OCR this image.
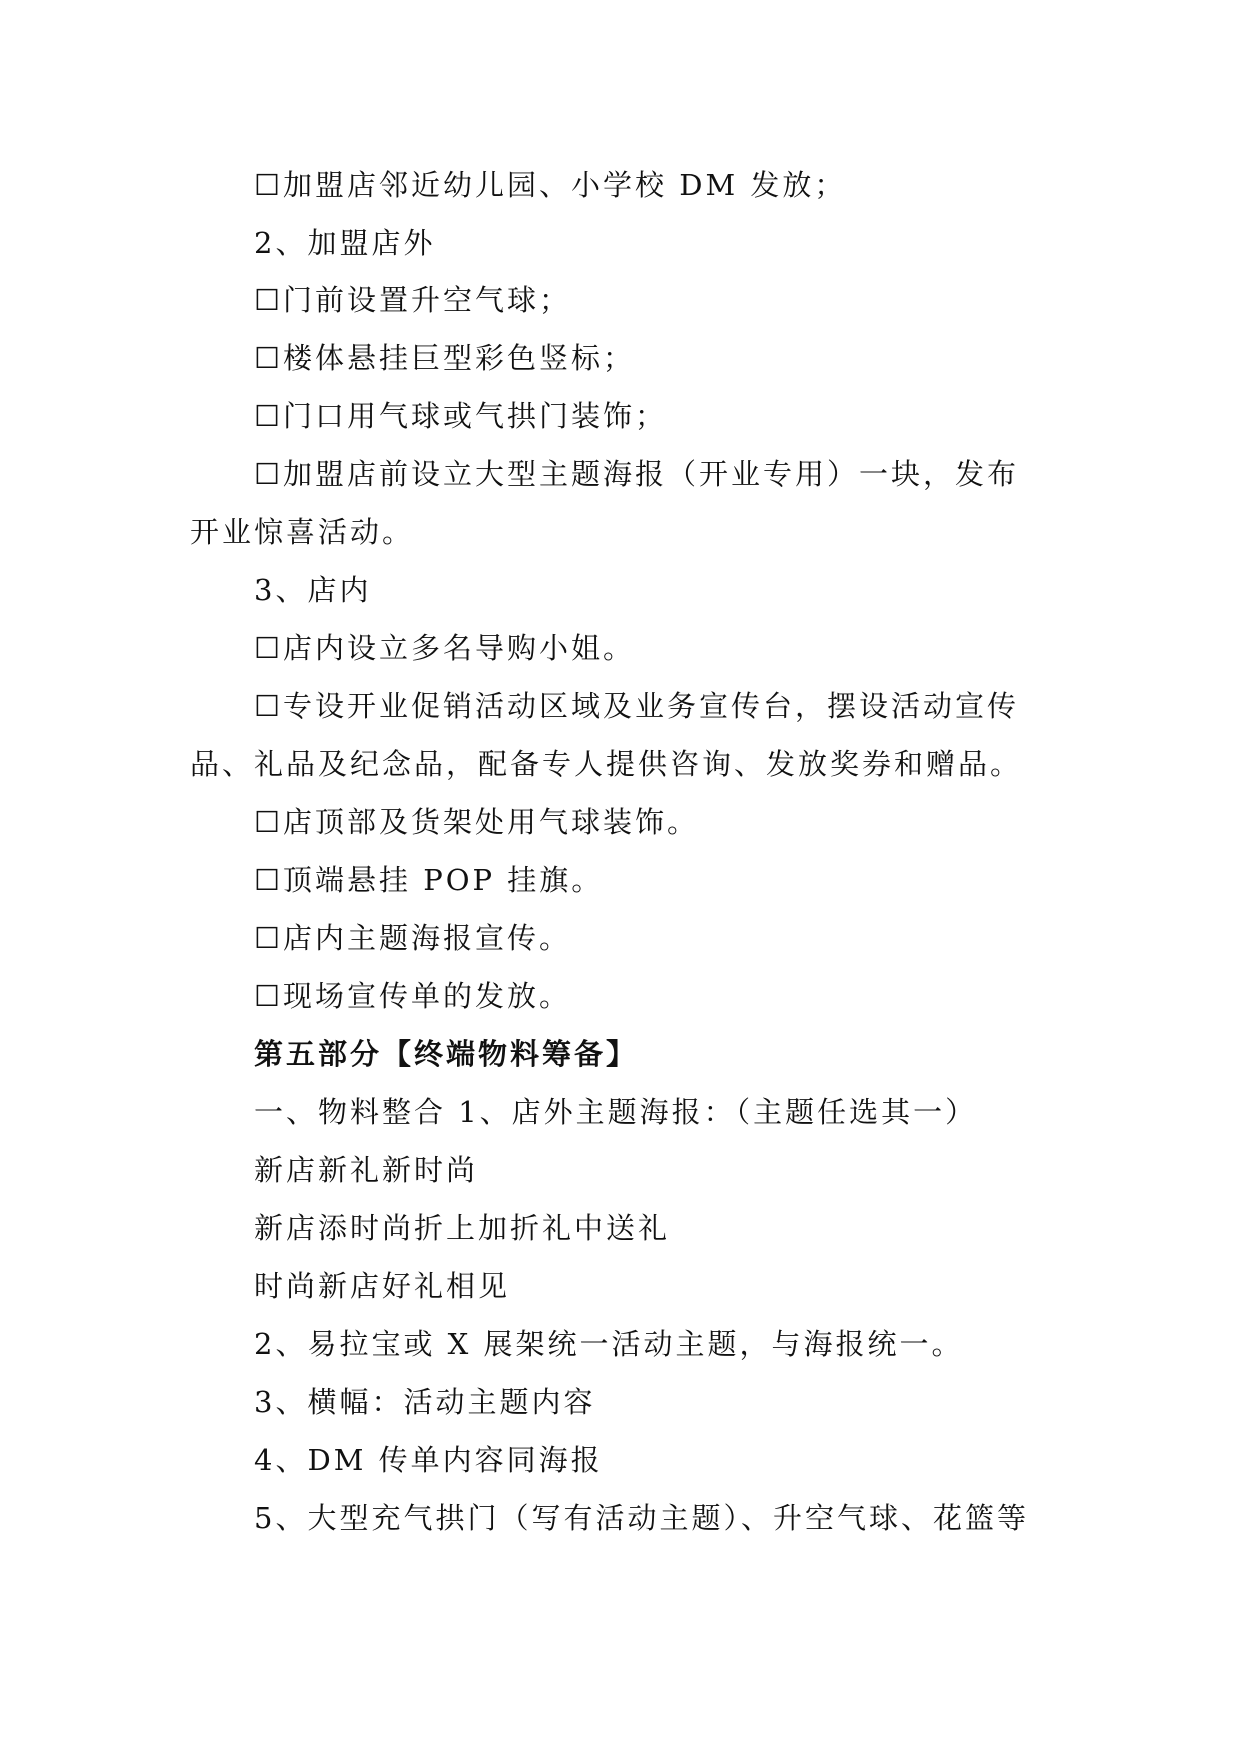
☐加盟店邻近幼儿园、小学校 DM 发放；
2、加盟店外
☐门前设置升空气球；
☐楼体悬挂巨型彩色竖标；
☐门口用气球或气拱门装饰；
☐加盟店前设立大型主题海报（开业专用）一块，发布
开业惊喜活动。
3、店内
☐店内设立多名导购小姐。
☐专设开业促销活动区域及业务宣传台，摆设活动宣传
品、礼品及纪念品，配备专人提供咨询、发放奖券和赠品。
☐店顶部及货架处用气球装饰。
☐顶端悬挂 POP 挂旗。
☐店内主题海报宣传。
☐现场宣传单的发放。
第五部分【终端物料筹备】
一、物料整合 1、店外主题海报：（主题任选其一）
新店新礼新时尚
新店添时尚折上加折礼中送礼
时尚新店好礼相见
2、易拉宝或 X 展架统一活动主题，与海报统一。
3、横幅：活动主题内容
4、DM 传单内容同海报
5、大型充气拱门（写有活动主题）、升空气球、花篮等
